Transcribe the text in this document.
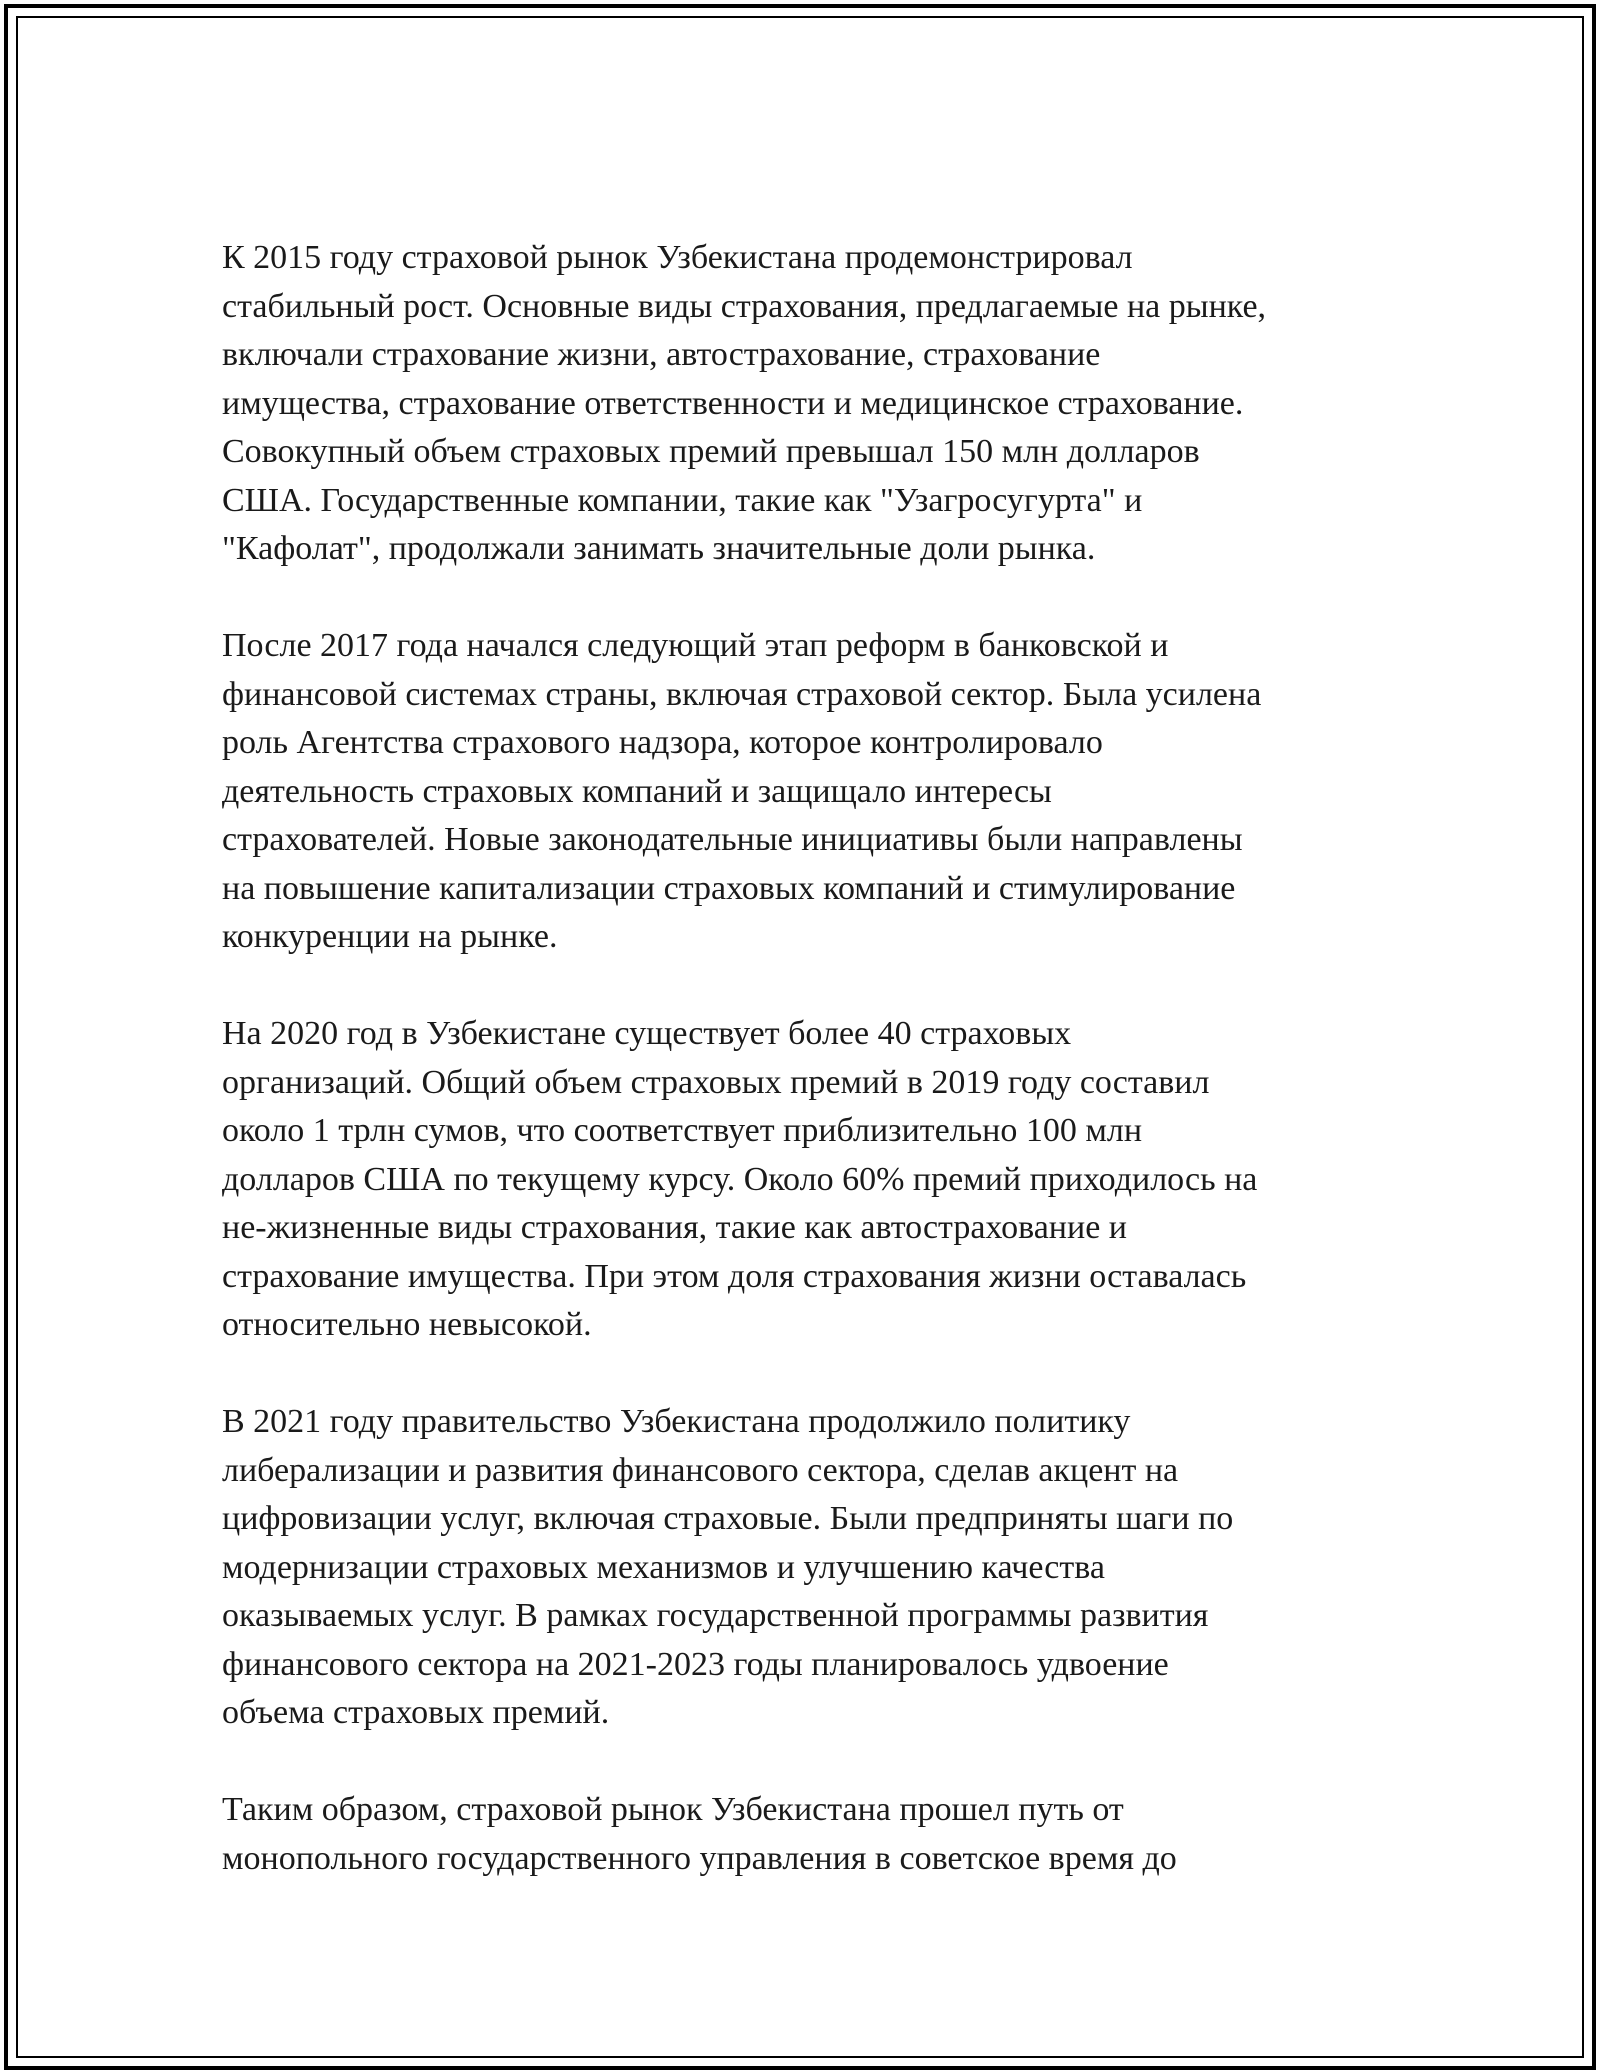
К 2015 году страховой рынок Узбекистана продемонстрировал
стабильный рост. Основные виды страхования, предлагаемые на рынке,
включали страхование жизни, автострахование, страхование
имущества, страхование ответственности и медицинское страхование.
Совокупный объем страховых премий превышал 150 млн долларов
США. Государственные компании, такие как "Узагросугурта" и
"Кафолат", продолжали занимать значительные доли рынка.

После 2017 года начался следующий этап реформ в банковской и
финансовой системах страны, включая страховой сектор. Была усилена
роль Агентства страхового надзора, которое контролировало
деятельность страховых компаний и защищало интересы
страхователей. Новые законодательные инициативы были направлены
на повышение капитализации страховых компаний и стимулирование
конкуренции на рынке.

На 2020 год в Узбекистане существует более 40 страховых
организаций. Общий объем страховых премий в 2019 году составил
около 1 трлн сумов, что соответствует приблизительно 100 млн
долларов США по текущему курсу. Около 60% премий приходилось на
не-жизненные виды страхования, такие как автострахование и
страхование имущества. При этом доля страхования жизни оставалась
относительно невысокой.

В 2021 году правительство Узбекистана продолжило политику
либерализации и развития финансового сектора, сделав акцент на
цифровизации услуг, включая страховые. Были предприняты шаги по
модернизации страховых механизмов и улучшению качества
оказываемых услуг. В рамках государственной программы развития
финансового сектора на 2021-2023 годы планировалось удвоение
объема страховых премий.

Таким образом, страховой рынок Узбекистана прошел путь от
монопольного государственного управления в советское время до
